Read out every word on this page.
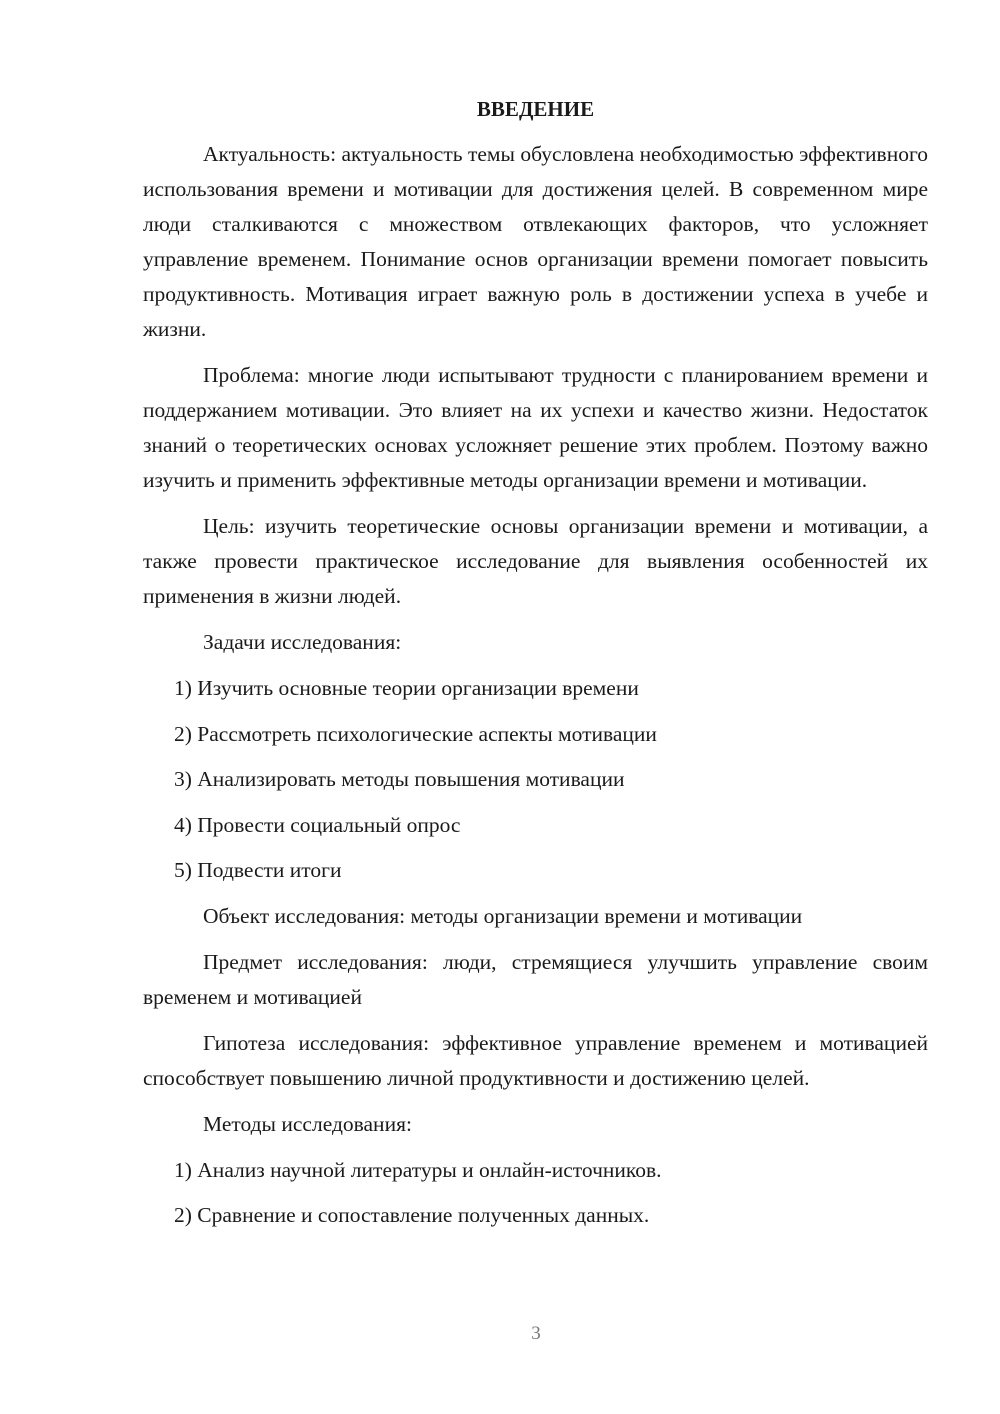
ВВЕДЕНИЕ

Актуальность: актуальность темы обусловлена необходимостью эффективного использования времени и мотивации для достижения целей. В современном мире люди сталкиваются с множеством отвлекающих факторов, что усложняет управление временем. Понимание основ организации времени помогает повысить продуктивность. Мотивация играет важную роль в достижении успеха в учебе и жизни.

Проблема: многие люди испытывают трудности с планированием времени и поддержанием мотивации. Это влияет на их успехи и качество жизни. Недостаток знаний о теоретических основах усложняет решение этих проблем. Поэтому важно изучить и применить эффективные методы организации времени и мотивации.

Цель: изучить теоретические основы организации времени и мотивации, а также провести практическое исследование для выявления особенностей их применения в жизни людей.

Задачи исследования:

1) Изучить основные теории организации времени

2) Рассмотреть психологические аспекты мотивации

3) Анализировать методы повышения мотивации

4) Провести социальный опрос

5) Подвести итоги

Объект исследования: методы организации времени и мотивации

Предмет исследования: люди, стремящиеся улучшить управление своим временем и мотивацией

Гипотеза исследования: эффективное управление временем и мотивацией способствует повышению личной продуктивности и достижению целей.

Методы исследования:

1) Анализ научной литературы и онлайн-источников.

2) Сравнение и сопоставление полученных данных.

3
